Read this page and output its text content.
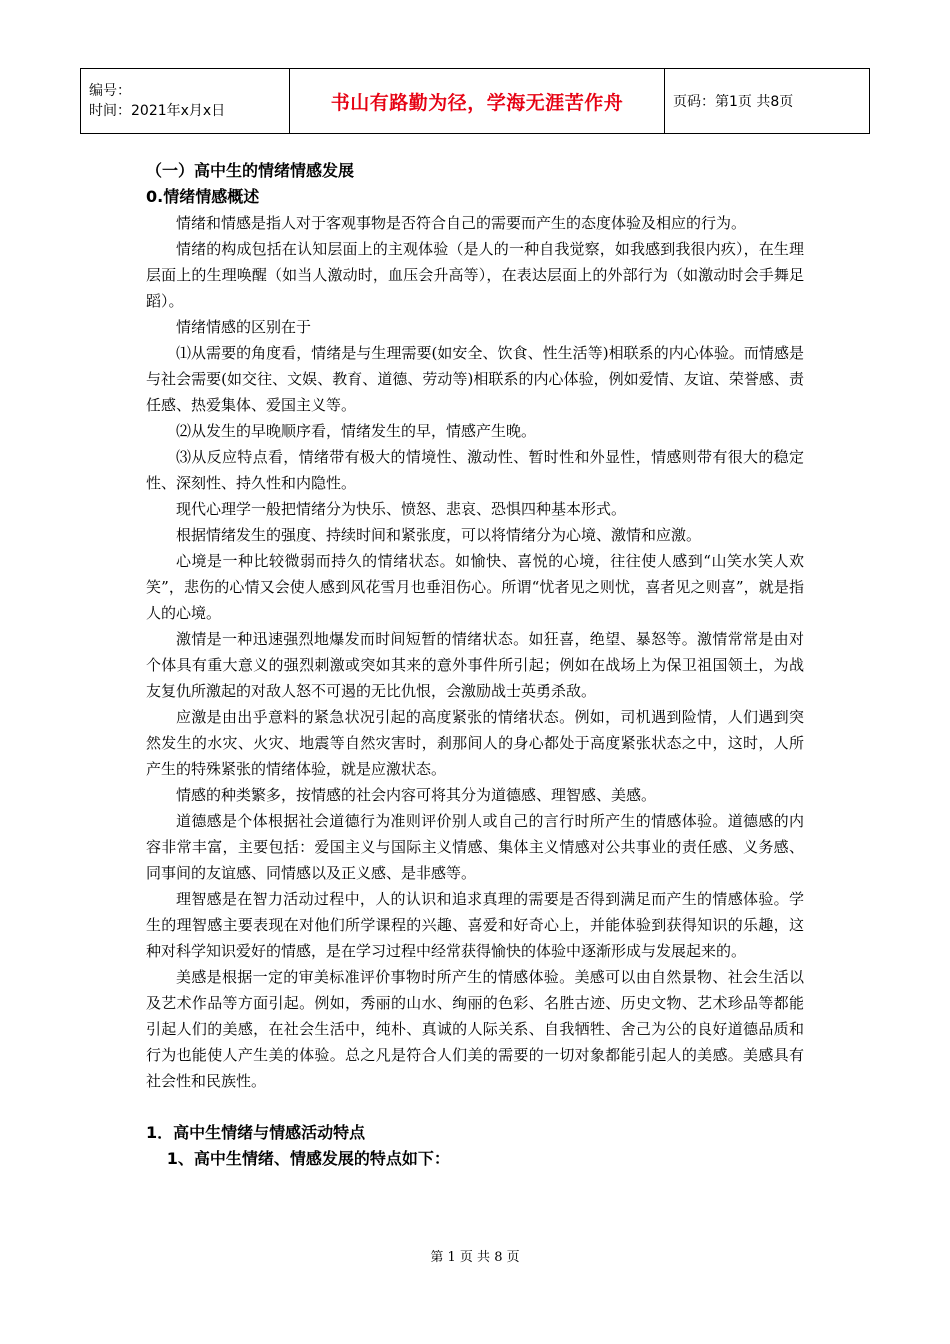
编号：
时间：2021年x月x日	书山有路勤为径，学海无涯苦作舟	页码：第1页 共8页

（一）高中生的情绪情感发展

0.情绪情感概述

情绪和情感是指人对于客观事物是否符合自己的需要而产生的态度体验及相应的行为。

情绪的构成包括在认知层面上的主观体验（是人的一种自我觉察，如我感到我很内疚），在生理层面上的生理唤醒（如当人激动时，血压会升高等），在表达层面上的外部行为（如激动时会手舞足蹈）。

情绪情感的区别在于

⑴从需要的角度看，情绪是与生理需要(如安全、饮食、性生活等)相联系的内心体验。而情感是与社会需要(如交往、文娱、教育、道德、劳动等)相联系的内心体验，例如爱情、友谊、荣誉感、责任感、热爱集体、爱国主义等。

⑵从发生的早晚顺序看，情绪发生的早，情感产生晚。

⑶从反应特点看，情绪带有极大的情境性、激动性、暂时性和外显性，情感则带有很大的稳定性、深刻性、持久性和内隐性。

现代心理学一般把情绪分为快乐、愤怒、悲哀、恐惧四种基本形式。

根据情绪发生的强度、持续时间和紧张度，可以将情绪分为心境、激情和应激。

心境是一种比较微弱而持久的情绪状态。如愉快、喜悦的心境，往往使人感到“山笑水笑人欢笑”，悲伤的心情又会使人感到风花雪月也垂泪伤心。所谓“忧者见之则忧，喜者见之则喜”，就是指人的心境。

激情是一种迅速强烈地爆发而时间短暂的情绪状态。如狂喜，绝望、暴怒等。激情常常是由对个体具有重大意义的强烈刺激或突如其来的意外事件所引起；例如在战场上为保卫祖国领土，为战友复仇所激起的对敌人怒不可遏的无比仇恨，会激励战士英勇杀敌。

应激是由出乎意料的紧急状况引起的高度紧张的情绪状态。例如，司机遇到险情，人们遇到突然发生的水灾、火灾、地震等自然灾害时，刹那间人的身心都处于高度紧张状态之中，这时，人所产生的特殊紧张的情绪体验，就是应激状态。

情感的种类繁多，按情感的社会内容可将其分为道德感、理智感、美感。

道德感是个体根据社会道德行为准则评价别人或自己的言行时所产生的情感体验。道德感的内容非常丰富，主要包括：爱国主义与国际主义情感、集体主义情感对公共事业的责任感、义务感、同事间的友谊感、同情感以及正义感、是非感等。

理智感是在智力活动过程中，人的认识和追求真理的需要是否得到满足而产生的情感体验。学生的理智感主要表现在对他们所学课程的兴趣、喜爱和好奇心上，并能体验到获得知识的乐趣，这种对科学知识爱好的情感，是在学习过程中经常获得愉快的体验中逐渐形成与发展起来的。

美感是根据一定的审美标准评价事物时所产生的情感体验。美感可以由自然景物、社会生活以及艺术作品等方面引起。例如，秀丽的山水、绚丽的色彩、名胜古迹、历史文物、艺术珍品等都能引起人们的美感，在社会生活中，纯朴、真诚的人际关系、自我牺牲、舍己为公的良好道德品质和行为也能使人产生美的体验。总之凡是符合人们美的需要的一切对象都能引起人的美感。美感具有社会性和民族性。

1．高中生情绪与情感活动特点

1、高中生情绪、情感发展的特点如下：

第 1 页 共 8 页
